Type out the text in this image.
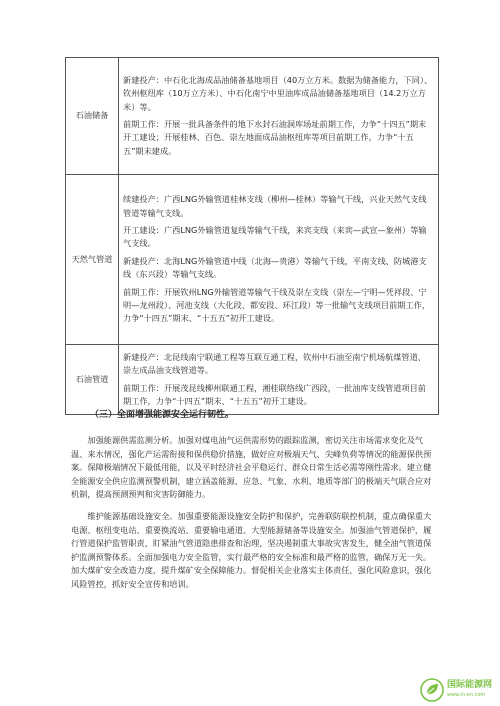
石油储备	新建投产：中石化北海成品油储备基地项目（40万立方米。数据为储备能力，下同）、钦州枢纽库（10万立方米）、中石化南宁中里油库成品油储备基地项目（14.2万立方米）等。

前期工作：开展一批具备条件的地下水封石油洞库场址前期工作，力争“十四五”期末开工建设；开展桂林、百色、崇左地面成品油枢纽库等项目前期工作，力争“十五五”期末建成。

天然气管道	续建投产：广西LNG外输管道桂林支线（柳州—桂林）等输气干线，兴业天然气支线管道等输气支线。

开工建设：广西LNG外输管道复线等输气干线，来宾支线（来宾—武宣—象州）等输气支线。

新建投产：北海LNG外输管道中线（北海—贵港）等输气干线，平南支线、防城港支线（东兴段）等输气支线。

前期工作：开展钦州LNG外输管道等输气干线及崇左支线（崇左—宁明—凭祥段、宁明—龙州段）、河池支线（大化段、都安段、环江段）等一批输气支线项目前期工作，力争“十四五”期末、“十五五”初开工建设。

石油管道	新建投产：北昆线南宁联通工程等互联互通工程，钦州中石油至南宁机场航煤管道、崇左成品油支线管道等。

前期工作：开展茂昆线柳州联通工程，湘桂联络线广西段，一批油库支线管道项目前期工作，力争“十四五”期末、“十五五”初开工建设。

（三）全面增强能源安全运行韧性。

加强能源供需监测分析。加强对煤电油气运供需形势的跟踪监测，密切关注市场需求变化及气温、来水情况，强化产运需衔接和保供稳价措施，做好应对极端天气、尖峰负荷等情况的能源保供预案。保障极端情况下最低用能，以及平时经济社会平稳运行、群众日常生活必需等刚性需求。建立健全能源安全供应监测预警机制，建立涵盖能源、应急、气象、水利、地质等部门的极端天气联合应对机制，提高预测预判和灾害防御能力。

维护能源基础设施安全。加强重要能源设施安全防护和保护，完善联防联控机制，重点确保重大电源、枢纽变电站、重要换流站、重要输电通道、大型能源储备等设施安全。加强油气管道保护，履行管道保护监管职责，盯紧油气管道隐患排查和治理，坚决遏制重大事故灾害发生，健全油气管道保护监测预警体系。全面加强电力安全监管，实行最严格的安全标准和最严格的监管，确保万无一失。加大煤矿安全改造力度，提升煤矿安全保障能力。督促相关企业落实主体责任，强化风险意识，强化风险管控，抓好安全宣传和培训。

国际能源网
www.in-en.com
